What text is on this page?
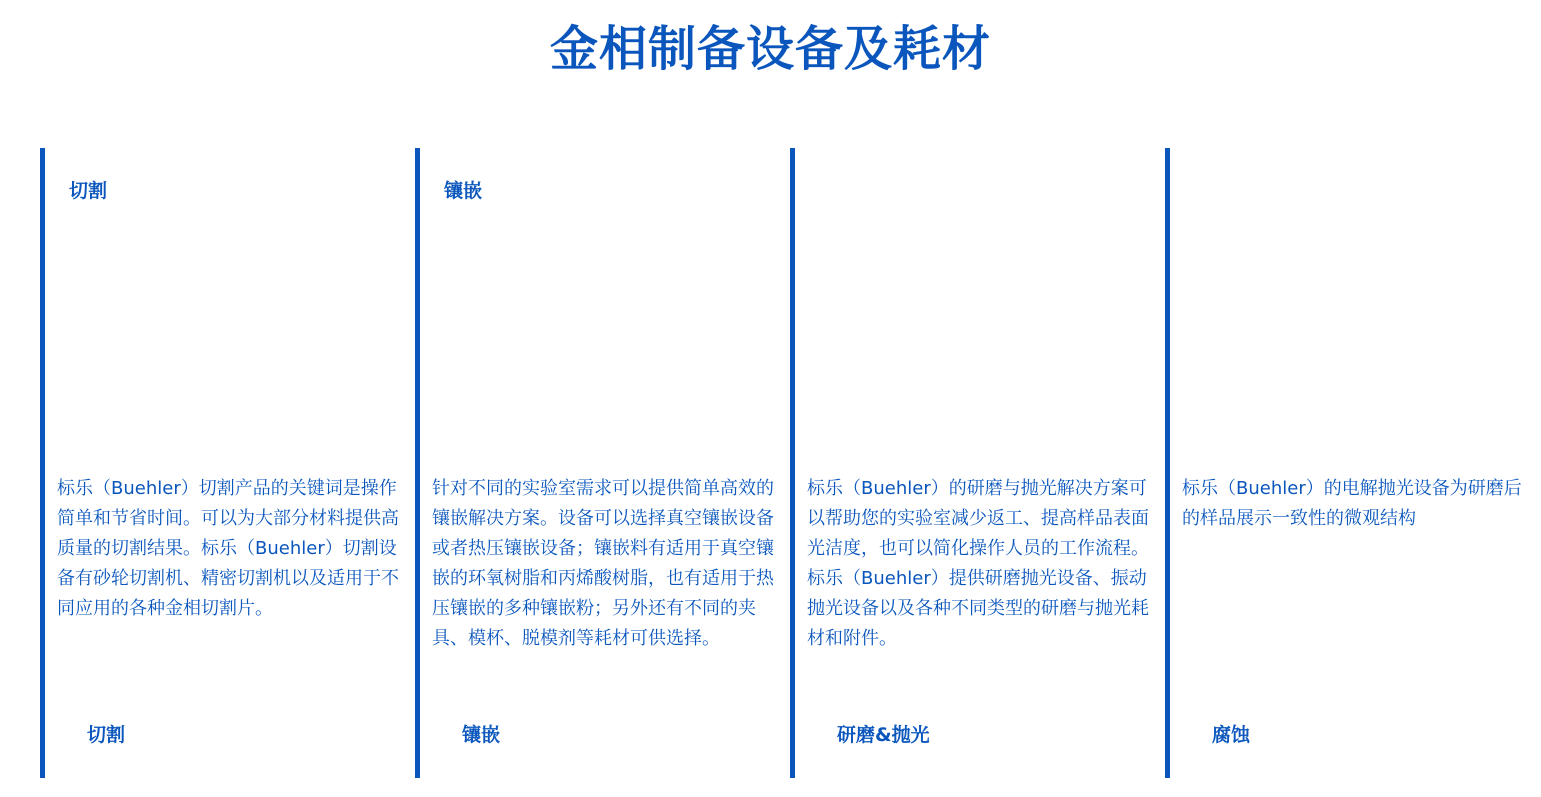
金相制备设备及耗材
切割
标乐（Buehler）切割产品的关键词是操作简单和节省时间。可以为大部分材料提供高质量的切割结果。标乐（Buehler）切割设备有砂轮切割机、精密切割机以及适用于不同应用的各种金相切割片。
切割
镶嵌
针对不同的实验室需求可以提供简单高效的镶嵌解决方案。设备可以选择真空镶嵌设备或者热压镶嵌设备；镶嵌料有适用于真空镶嵌的环氧树脂和丙烯酸树脂，也有适用于热压镶嵌的多种镶嵌粉；另外还有不同的夹具、模杯、脱模剂等耗材可供选择。
镶嵌
标乐（Buehler）的研磨与抛光解决方案可以帮助您的实验室减少返工、提高样品表面光洁度，也可以简化操作人员的工作流程。标乐（Buehler）提供研磨抛光设备、振动抛光设备以及各种不同类型的研磨与抛光耗材和附件。
研磨&抛光
标乐（Buehler）的电解抛光设备为研磨后的样品展示一致性的微观结构
腐蚀
